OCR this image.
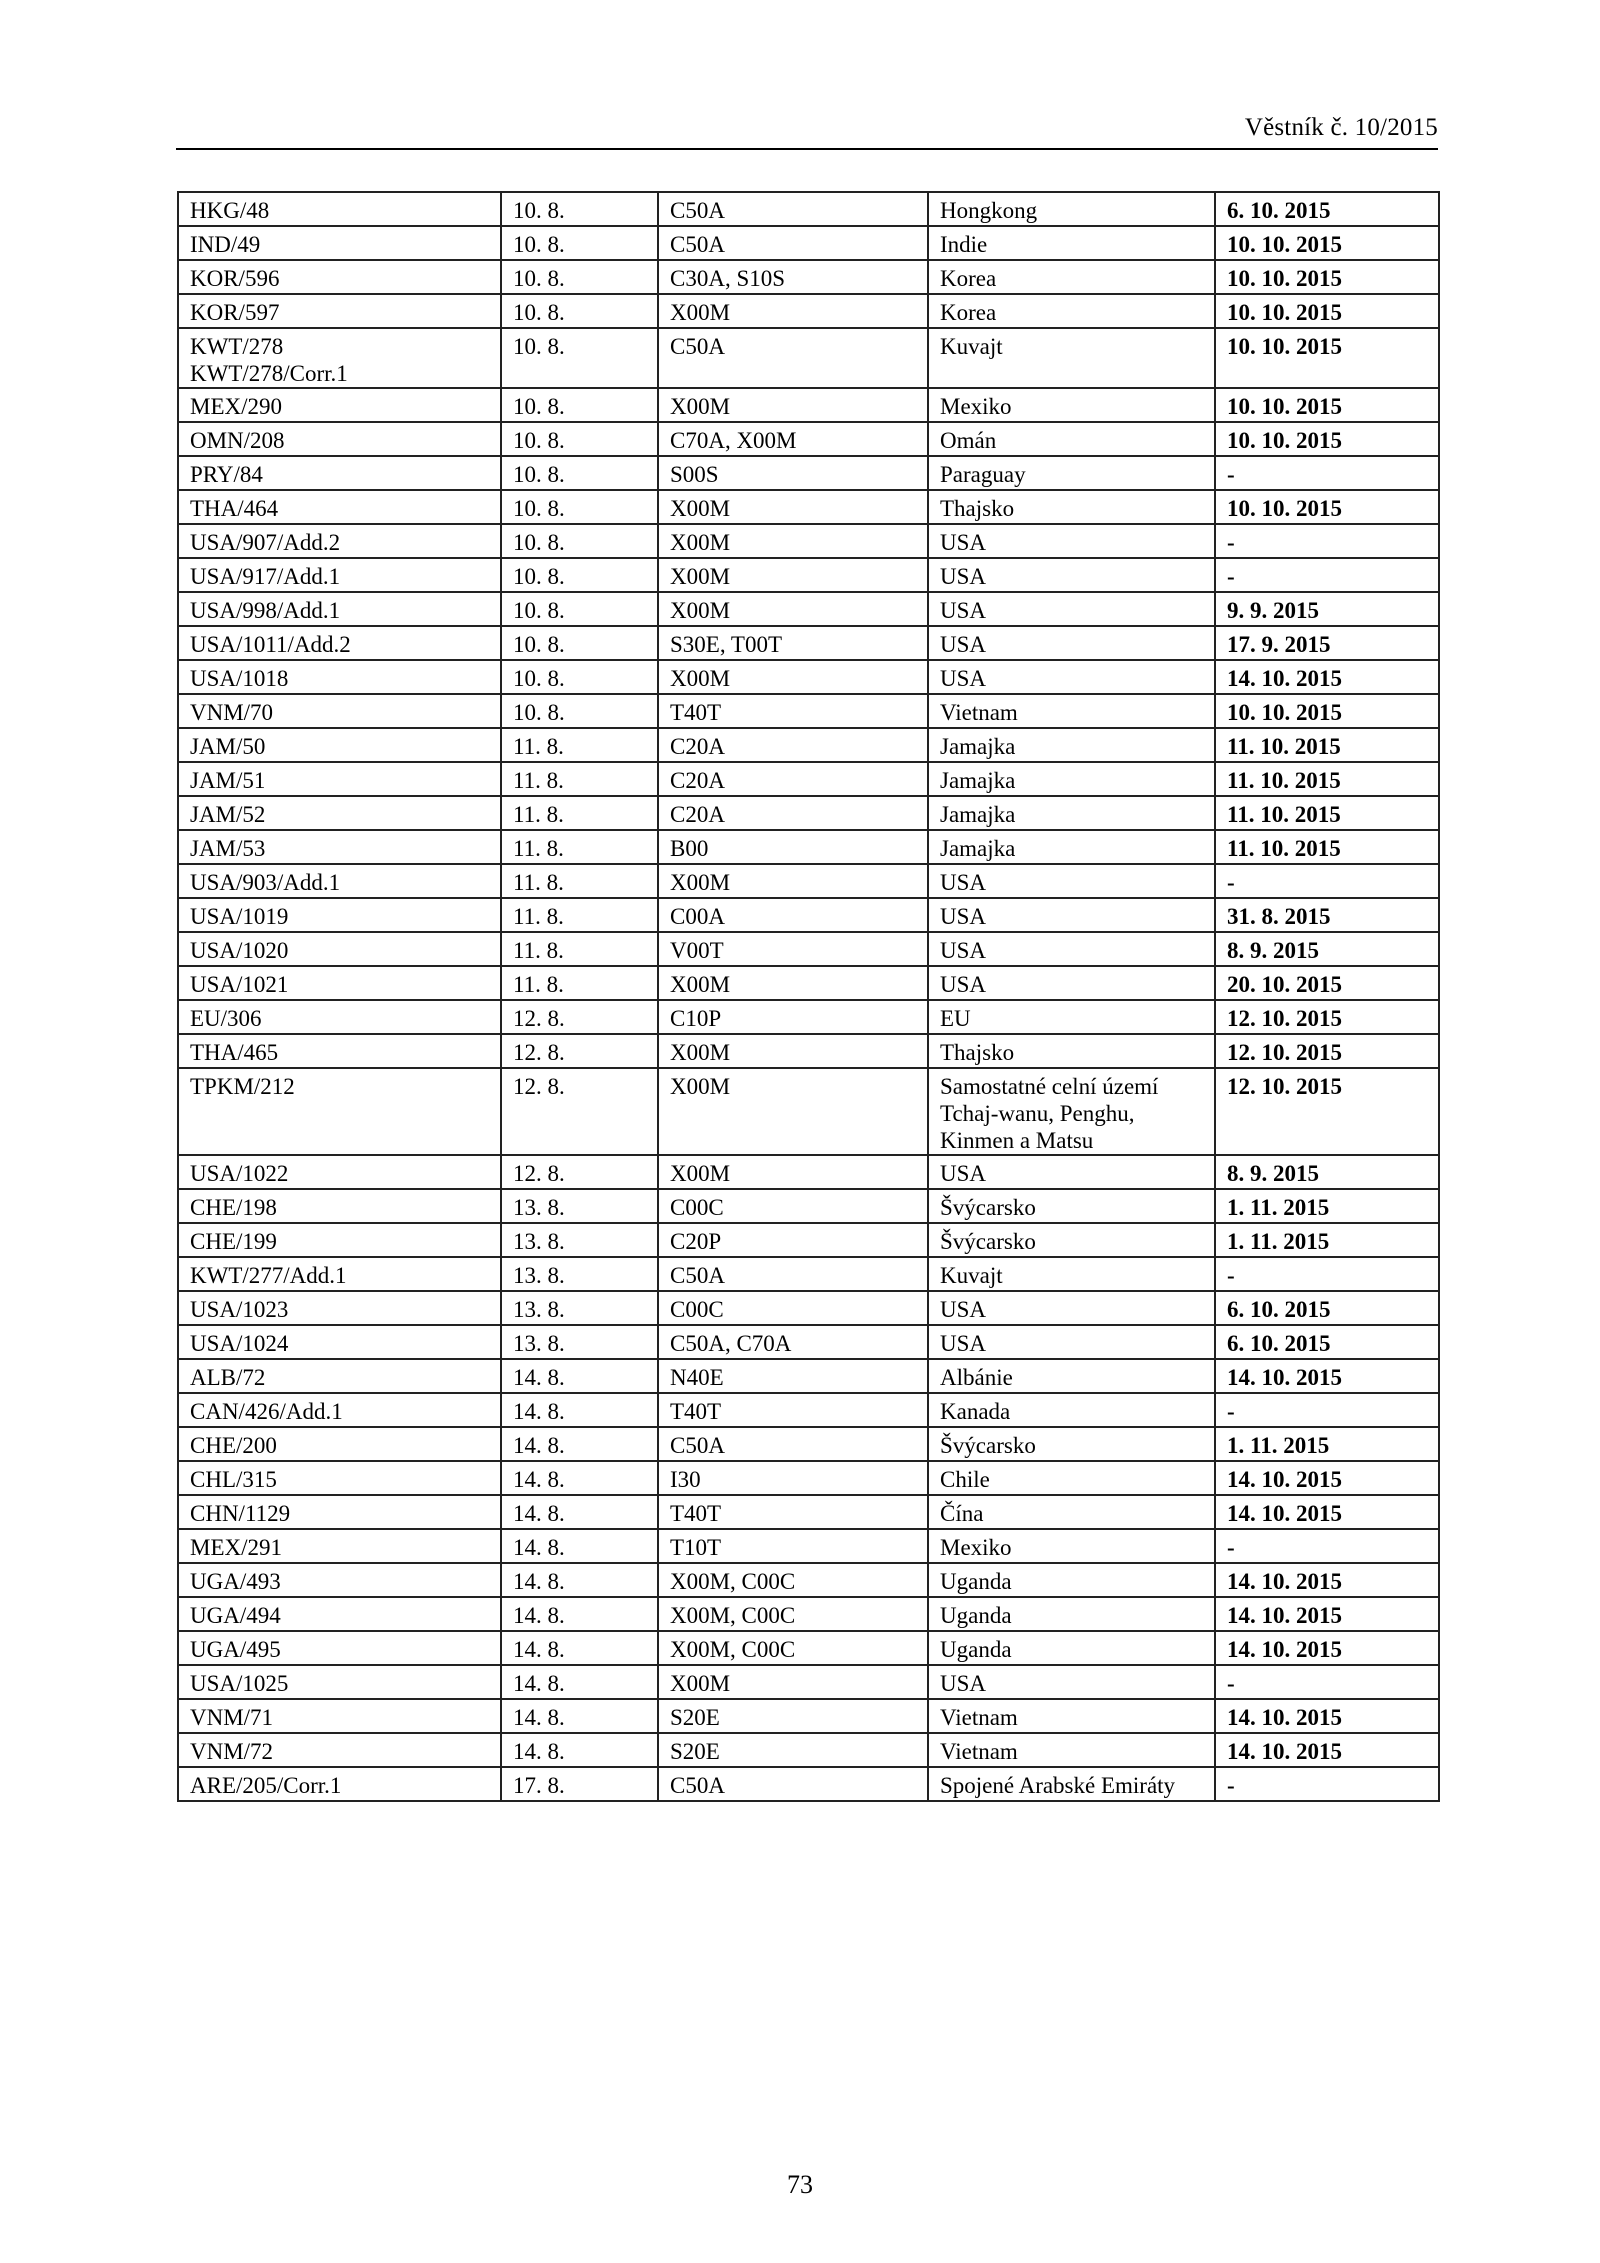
Věstník č. 10/2015
HKG/48	10. 8.	C50A	Hongkong	6. 10. 2015
IND/49	10. 8.	C50A	Indie	10. 10. 2015
KOR/596	10. 8.	C30A, S10S	Korea	10. 10. 2015
KOR/597	10. 8.	X00M	Korea	10. 10. 2015
KWT/278
KWT/278/Corr.1	10. 8.	C50A	Kuvajt	10. 10. 2015
MEX/290	10. 8.	X00M	Mexiko	10. 10. 2015
OMN/208	10. 8.	C70A, X00M	Omán	10. 10. 2015
PRY/84	10. 8.	S00S	Paraguay	-
THA/464	10. 8.	X00M	Thajsko	10. 10. 2015
USA/907/Add.2	10. 8.	X00M	USA	-
USA/917/Add.1	10. 8.	X00M	USA	-
USA/998/Add.1	10. 8.	X00M	USA	9. 9. 2015
USA/1011/Add.2	10. 8.	S30E, T00T	USA	17. 9. 2015
USA/1018	10. 8.	X00M	USA	14. 10. 2015
VNM/70	10. 8.	T40T	Vietnam	10. 10. 2015
JAM/50	11. 8.	C20A	Jamajka	11. 10. 2015
JAM/51	11. 8.	C20A	Jamajka	11. 10. 2015
JAM/52	11. 8.	C20A	Jamajka	11. 10. 2015
JAM/53	11. 8.	B00	Jamajka	11. 10. 2015
USA/903/Add.1	11. 8.	X00M	USA	-
USA/1019	11. 8.	C00A	USA	31. 8. 2015
USA/1020	11. 8.	V00T	USA	8. 9. 2015
USA/1021	11. 8.	X00M	USA	20. 10. 2015
EU/306	12. 8.	C10P	EU	12. 10. 2015
THA/465	12. 8.	X00M	Thajsko	12. 10. 2015
TPKM/212	12. 8.	X00M	Samostatné celní území
Tchaj-wanu, Penghu,
Kinmen a Matsu	12. 10. 2015
USA/1022	12. 8.	X00M	USA	8. 9. 2015
CHE/198	13. 8.	C00C	Švýcarsko	1. 11. 2015
CHE/199	13. 8.	C20P	Švýcarsko	1. 11. 2015
KWT/277/Add.1	13. 8.	C50A	Kuvajt	-
USA/1023	13. 8.	C00C	USA	6. 10. 2015
USA/1024	13. 8.	C50A, C70A	USA	6. 10. 2015
ALB/72	14. 8.	N40E	Albánie	14. 10. 2015
CAN/426/Add.1	14. 8.	T40T	Kanada	-
CHE/200	14. 8.	C50A	Švýcarsko	1. 11. 2015
CHL/315	14. 8.	I30	Chile	14. 10. 2015
CHN/1129	14. 8.	T40T	Čína	14. 10. 2015
MEX/291	14. 8.	T10T	Mexiko	-
UGA/493	14. 8.	X00M, C00C	Uganda	14. 10. 2015
UGA/494	14. 8.	X00M, C00C	Uganda	14. 10. 2015
UGA/495	14. 8.	X00M, C00C	Uganda	14. 10. 2015
USA/1025	14. 8.	X00M	USA	-
VNM/71	14. 8.	S20E	Vietnam	14. 10. 2015
VNM/72	14. 8.	S20E	Vietnam	14. 10. 2015
ARE/205/Corr.1	17. 8.	C50A	Spojené Arabské Emiráty	-
73
